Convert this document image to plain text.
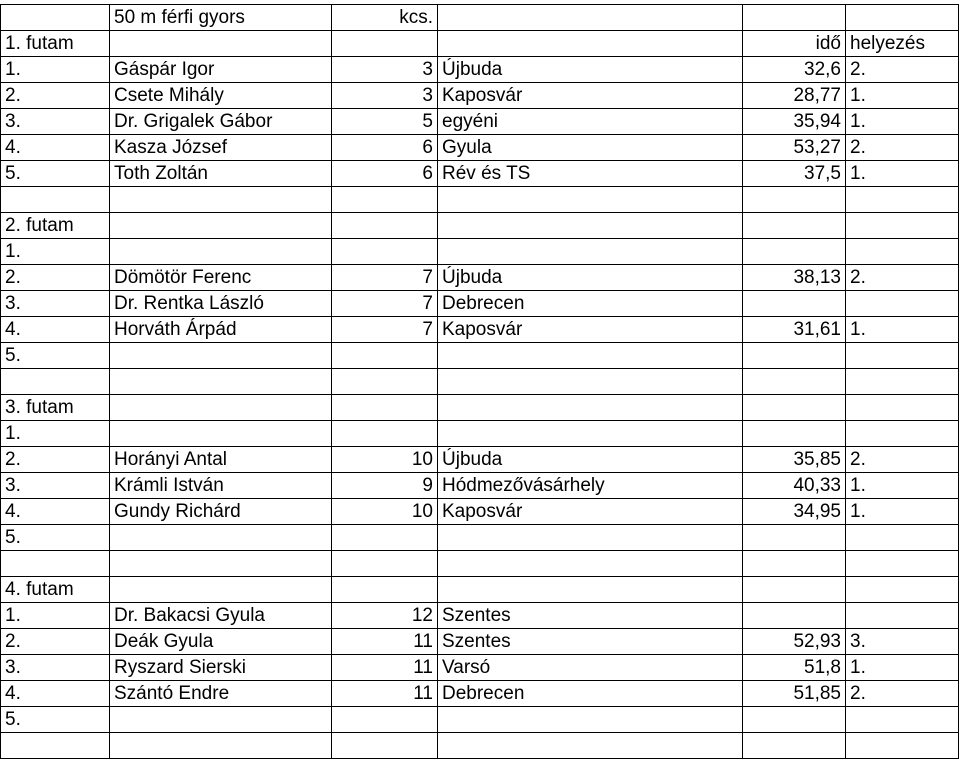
	50 m férfi gyors	kcs.			
1. futam				idő	helyezés
1.	Gáspár Igor	3	Újbuda	32,6	2.
2.	Csete Mihály	3	Kaposvár	28,77	1.
3.	Dr. Grigalek Gábor	5	egyéni	35,94	1.
4.	Kasza József	6	Gyula	53,27	2.
5.	Toth Zoltán	6	Rév és TS	37,5	1.

2. futam					
1.					
2.	Dömötör Ferenc	7	Újbuda	38,13	2.
3.	Dr. Rentka László	7	Debrecen		
4.	Horváth Árpád	7	Kaposvár	31,61	1.
5.					

3. futam					
1.					
2.	Horányi Antal	10	Újbuda	35,85	2.
3.	Krámli István	9	Hódmezővásárhely	40,33	1.
4.	Gundy Richárd	10	Kaposvár	34,95	1.
5.					

4. futam					
1.	Dr. Bakacsi Gyula	12	Szentes		
2.	Deák Gyula	11	Szentes	52,93	3.
3.	Ryszard Sierski	11	Varsó	51,8	1.
4.	Szántó Endre	11	Debrecen	51,85	2.
5.					
